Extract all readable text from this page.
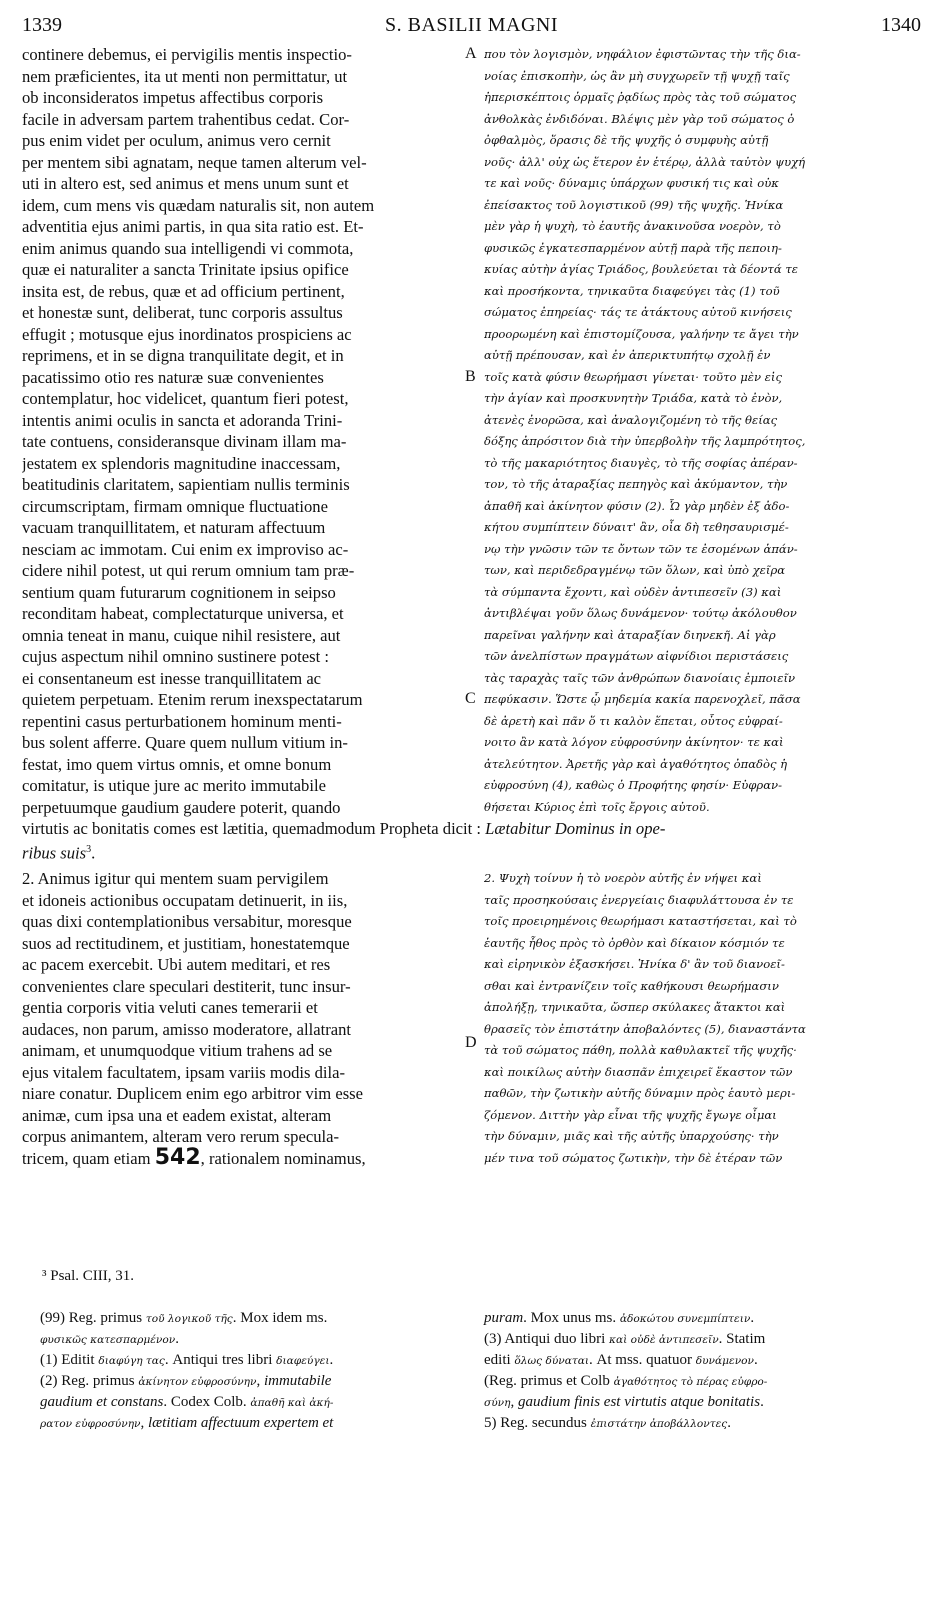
1339	S. BASILII MAGNI	1340
continere debemus, ei pervigilis mentis inspectio-
nem præficientes, ita ut menti non permittatur, ut
ob inconsideratos impetus affectibus corporis
facile in adversam partem trahentibus cedat. Cor-
pus enim videt per oculum, animus vero cernit
per mentem sibi agnatam, neque tamen alterum vel-
uti in altero est, sed animus et mens unum sunt et
idem, cum mens vis quædam naturalis sit, non autem
adventitia ejus animi partis, in qua sita ratio est. Et-
enim animus quando sua intelligendi vi commota,
quæ ei naturaliter a sancta Trinitate ipsius opifice
insita est, de rebus, quæ et ad officium pertinent,
et honestæ sunt, deliberat, tunc corporis assultus
effugit ; motusque ejus inordinatos prospiciens ac
reprimens, et in se digna tranquilitate degit, et in
pacatissimo otio res naturæ suæ convenientes
contemplatur, hoc videlicet, quantum fieri potest,
intentis animi oculis in sancta et adoranda Trini-
tate contuens, consideransque divinam illam ma-
jestatem ex splendoris magnitudine inaccessam,
beatitudinis claritatem, sapientiam nullis terminis
circumscriptam, firmam omnique fluctuatione
vacuam tranquillitatem, et naturam affectuum
nesciam ac immotam. Cui enim ex improviso ac-
cidere nihil potest, ut qui rerum omnium tam præ-
sentium quam futurarum cognitionem in seipso
reconditam habeat, complectaturque universa, et
omnia teneat in manu, cuique nihil resistere, aut
cujus aspectum nihil omnino sustinere potest :
ei consentaneum est inesse tranquillitatem ac
quietem perpetuam. Etenim rerum inexspectatarum
repentini casus perturbationem hominum menti-
bus solent afferre. Quare quem nullum vitium in-
festat, imo quem virtus omnis, et omne bonum
comitatur, is utique jure ac merito immutabile
perpetuumque gaudium gaudere poterit, quando
που τὸν λογισμὸν, νηφάλιον ἐφιστῶντας τὴν τῆς δια-
νοίας ἐπισκοπὴν, ὡς ἂν μὴ συγχωρεῖν τῇ ψυχῇ ταῖς
ἠπερισκέπτοις ὁρμαῖς ῥᾳδίως πρὸς τὰς τοῦ σώματος
ἀνθολκὰς ἐνδιδόναι. Βλέψις μὲν γὰρ τοῦ σώματος ὁ
ὀφθαλμὸς, ὅρασις δὲ τῆς ψυχῆς ὁ συμφυὴς αὐτῇ
νοῦς· ἀλλ' οὐχ ὡς ἕτερον ἐν ἑτέρῳ, ἀλλὰ ταὐτὸν ψυχή
τε καὶ νοῦς· δύναμις ὑπάρχων φυσική τις καὶ οὐκ
ἐπείσακτος τοῦ λογιστικοῦ (99) τῆς ψυχῆς. Ἡνίκα
μὲν γὰρ ἡ ψυχὴ, τὸ ἑαυτῆς ἀνακινοῦσα νοερὸν, τὸ
φυσικῶς ἐγκατεσπαρμένον αὐτῇ παρὰ τῆς πεποιη-
κυίας αὐτὴν ἁγίας Τριάδος, βουλεύεται τὰ δέοντά τε
καὶ προσήκοντα, τηνικαῦτα διαφεύγει τὰς (1) τοῦ
σώματος ἐπηρείας· τάς τε ἀτάκτους αὐτοῦ κινήσεις
προορωμένη καὶ ἐπιστομίζουσα, γαλήνην τε ἄγει τὴν
αὐτῇ πρέπουσαν, καὶ ἐν ἀπερικτυπήτῳ σχολῇ ἐν
τοῖς κατὰ φύσιν θεωρήμασι γίνεται· τοῦτο μὲν εἰς
τὴν ἁγίαν καὶ προσκυνητὴν Τριάδα, κατὰ τὸ ἐνὸν,
ἀτενὲς ἐνορῶσα, καὶ ἀναλογιζομένη τὸ τῆς θείας
δόξης ἀπρόσιτον διὰ τὴν ὑπερβολὴν τῆς λαμπρότητος,
τὸ τῆς μακαριότητος διαυγὲς, τὸ τῆς σοφίας ἀπέραν-
τον, τὸ τῆς ἀταραξίας πεπηγὸς καὶ ἀκύμαντον, τὴν
ἀπαθῆ καὶ ἀκίνητον φύσιν (2). Ὧ γὰρ μηδὲν ἐξ ἀδο-
κήτου συμπίπτειν δύναιτ' ἂν, οἷα δὴ τεθησαυρισμέ-
νῳ τὴν γνῶσιν τῶν τε ὄντων τῶν τε ἐσομένων ἁπάν-
των, καὶ περιδεδραγμένῳ τῶν ὅλων, καὶ ὑπὸ χεῖρα
τὰ σύμπαντα ἔχοντι, καὶ οὐδὲν ἀντιπεσεῖν (3) καὶ
ἀντιβλέψαι γοῦν ὅλως δυνάμενον· τούτῳ ἀκόλουθον
παρεῖναι γαλήνην καὶ ἀταραξίαν διηνεκῆ. Αἱ γὰρ
τῶν ἀνελπίστων πραγμάτων αἰφνίδιοι περιστάσεις
τὰς ταραχὰς ταῖς τῶν ἀνθρώπων διανοίαις ἐμποιεῖν
πεφύκασιν. Ὥστε ᾧ μηδεμία κακία παρενοχλεῖ, πᾶσα
δὲ ἀρετὴ καὶ πᾶν ὅ τι καλὸν ἕπεται, οὗτος εὐφραί-
νοιτο ἂν κατὰ λόγον εὐφροσύνην ἀκίνητον· τε καὶ
ἀτελεύτητον. Ἀρετῆς γὰρ καὶ ἀγαθότητος ὀπαδὸς ἡ
εὐφροσύνη (4), καθὼς ὁ Προφήτης φησίν· Εὐφραν-
θήσεται Κύριος ἐπὶ τοῖς ἔργοις αὐτοῦ.
A
B
C
D
virtutis ac bonitatis comes est lætitia, quemadmodum Propheta dicit : Lætabitur Dominus in ope-
ribus suis$^3$.
2. Animus igitur qui mentem suam pervigilem
et idoneis actionibus occupatam detinuerit, in iis,
quas dixi contemplationibus versabitur, moresque
suos ad rectitudinem, et justitiam, honestatemque
ac pacem exercebit. Ubi autem meditari, et res
convenientes clare speculari destiterit, tunc insur-
gentia corporis vitia veluti canes temerarii et
audaces, non parum, amisso moderatore, allatrant
animam, et unumquodque vitium trahens ad se
ejus vitalem facultatem, ipsam variis modis dila-
niare conatur. Duplicem enim ego arbitror vim esse
animæ, cum ipsa una et eadem existat, alteram
corpus animantem, alteram vero rerum specula-
tricem, quam etiam 542, rationalem nominamus,
2. Ψυχὴ τοίνυν ἡ τὸ νοερὸν αὐτῆς ἐν νήψει καὶ
ταῖς προσηκούσαις ἐνεργείαις διαφυλάττουσα ἐν τε
τοῖς προειρημένοις θεωρήμασι καταστήσεται, καὶ τὸ
ἑαυτῆς ἦθος πρὸς τὸ ὀρθὸν καὶ δίκαιον κόσμιόν τε
καὶ εἰρηνικὸν ἐξασκήσει. Ἡνίκα δ' ἂν τοῦ διανοεῖ-
σθαι καὶ ἐντρανίζειν τοῖς καθήκουσι θεωρήμασιν
ἀπολήξῃ, τηνικαῦτα, ὥσπερ σκύλακες ἄτακτοι καὶ
θρασεῖς τὸν ἐπιστάτην ἀποβαλόντες (5), διαναστάντα
τὰ τοῦ σώματος πάθη, πολλὰ καθυλακτεῖ τῆς ψυχῆς·
καὶ ποικίλως αὐτὴν διασπᾶν ἐπιχειρεῖ ἕκαστον τῶν
παθῶν, τὴν ζωτικὴν αὐτῆς δύναμιν πρὸς ἑαυτὸ μερι-
ζόμενον. Διττὴν γὰρ εἶναι τῆς ψυχῆς ἔγωγε οἶμαι
τὴν δύναμιν, μιᾶς καὶ τῆς αὐτῆς ὑπαρχούσης· τὴν
μέν τινα τοῦ σώματος ζωτικὴν, τὴν δὲ ἑτέραν τῶν
³ Psal. CIII, 31.
(99) Reg. primus τοῦ λογικοῦ τῆς. Mox idem ms.
φυσικῶς κατεσπαρμένον.
(1) Editit διαφύγη τας. Antiqui tres libri διαφεύγει.
(2) Reg. primus ἀκίνητον εὐφροσύνην, immutabile
gaudium et constans. Codex Colb. ἀπαθῆ καὶ ἀκή-
ρατον εὐφροσύνην, lætitiam affectuum expertem et
puram. Mox unus ms. ἀδοκώτου συνεμπίπτειν.
(3) Antiqui duo libri καὶ οὐδὲ ἀντιπεσεῖν. Statim
editi ὅλως δύναται. At mss. quatuor δυνάμενον.
(Reg. primus et Colb ἀγαθότητος τὸ πέρας εὐφρο-
σύνη, gaudium finis est virtutis atque bonitatis.
5) Reg. secundus ἐπιστάτην ἀποβάλλοντες.
